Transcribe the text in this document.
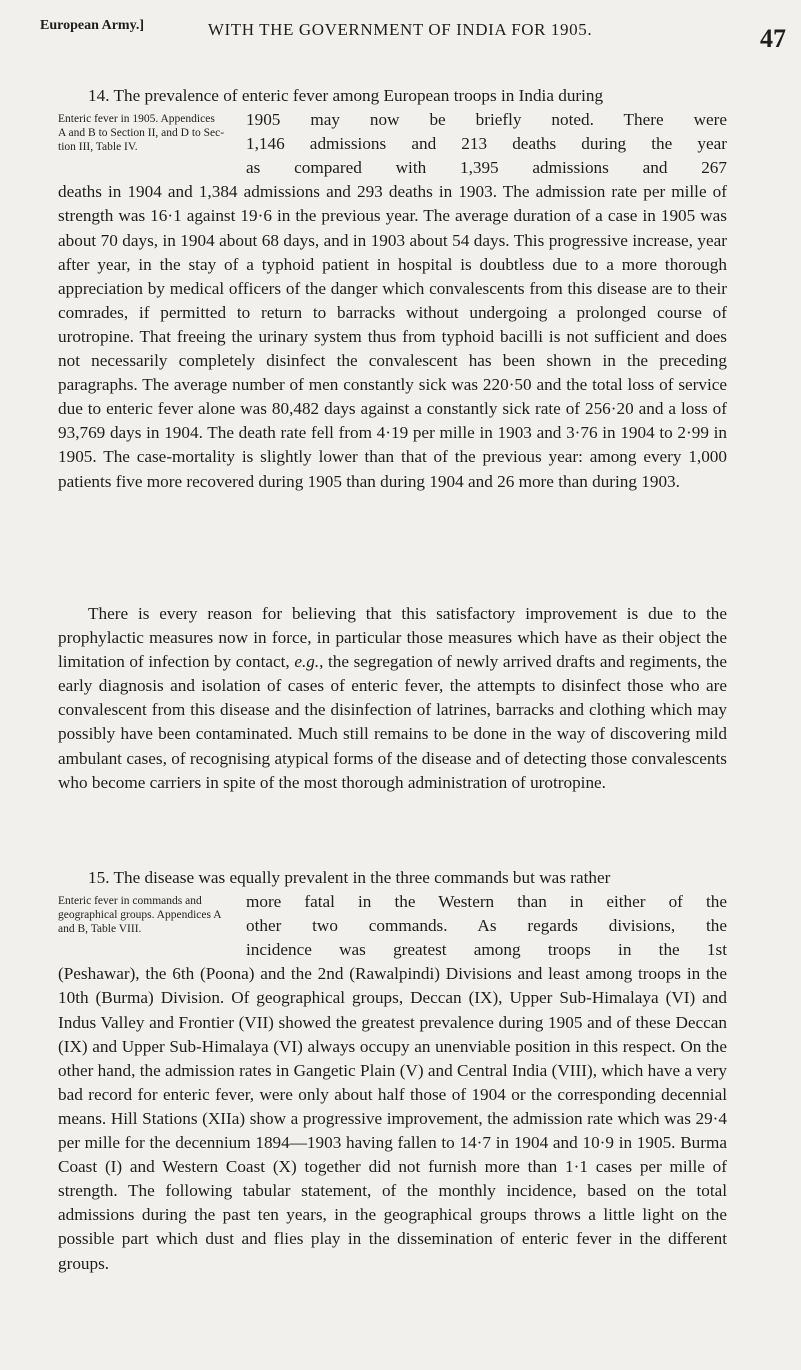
European Army.]	WITH THE GOVERNMENT OF INDIA FOR 1905.	47
14. The prevalence of enteric fever among European troops in India during
Enteric fever in 1905. Appendices
A and B to Section II, and D to Sec-
tion III, Table IV.
1905 may now be briefly noted. There were
1,146 admissions and 213 deaths during the year
as compared with 1,395 admissions and 267
deaths in 1904 and 1,384 admissions and 293 deaths in 1903. The admission rate per mille of strength was 16·1 against 19·6 in the previous year. The average duration of a case in 1905 was about 70 days, in 1904 about 68 days, and in 1903 about 54 days. This progressive increase, year after year, in the stay of a typhoid patient in hospital is doubtless due to a more thorough appreciation by medical officers of the danger which convalescents from this disease are to their comrades, if permitted to return to barracks without undergoing a prolonged course of urotropine. That freeing the urinary system thus from typhoid bacilli is not sufficient and does not necessarily completely disinfect the convalescent has been shown in the preceding paragraphs. The average number of men constantly sick was 220·50 and the total loss of service due to enteric fever alone was 80,482 days against a constantly sick rate of 256·20 and a loss of 93,769 days in 1904. The death rate fell from 4·19 per mille in 1903 and 3·76 in 1904 to 2·99 in 1905. The case-mortality is slightly lower than that of the previous year: among every 1,000 patients five more recovered during 1905 than during 1904 and 26 more than during 1903.
There is every reason for believing that this satisfactory improvement is due to the prophylactic measures now in force, in particular those measures which have as their object the limitation of infection by contact, e.g., the segregation of newly arrived drafts and regiments, the early diagnosis and isolation of cases of enteric fever, the attempts to disinfect those who are convalescent from this disease and the disinfection of latrines, barracks and clothing which may possibly have been contaminated. Much still remains to be done in the way of discovering mild ambulant cases, of recognising atypical forms of the disease and of detecting those convalescents who become carriers in spite of the most thorough administration of urotropine.
15. The disease was equally prevalent in the three commands but was rather
Enteric fever in commands and
geographical groups. Appendices A
and B, Table VIII.
more fatal in the Western than in either of the
other two commands. As regards divisions, the
incidence was greatest among troops in the 1st
(Peshawar), the 6th (Poona) and the 2nd (Rawalpindi) Divisions and least among troops in the 10th (Burma) Division. Of geographical groups, Deccan (IX), Upper Sub-Himalaya (VI) and Indus Valley and Frontier (VII) showed the greatest prevalence during 1905 and of these Deccan (IX) and Upper Sub-Himalaya (VI) always occupy an unenviable position in this respect. On the other hand, the admission rates in Gangetic Plain (V) and Central India (VIII), which have a very bad record for enteric fever, were only about half those of 1904 or the corresponding decennial means. Hill Stations (XIIa) show a progressive improvement, the admission rate which was 29·4 per mille for the decennium 1894—1903 having fallen to 14·7 in 1904 and 10·9 in 1905. Burma Coast (I) and Western Coast (X) together did not furnish more than 1·1 cases per mille of strength. The following tabular statement, of the monthly incidence, based on the total admissions during the past ten years, in the geographical groups throws a little light on the possible part which dust and flies play in the dissemination of enteric fever in the different groups.
